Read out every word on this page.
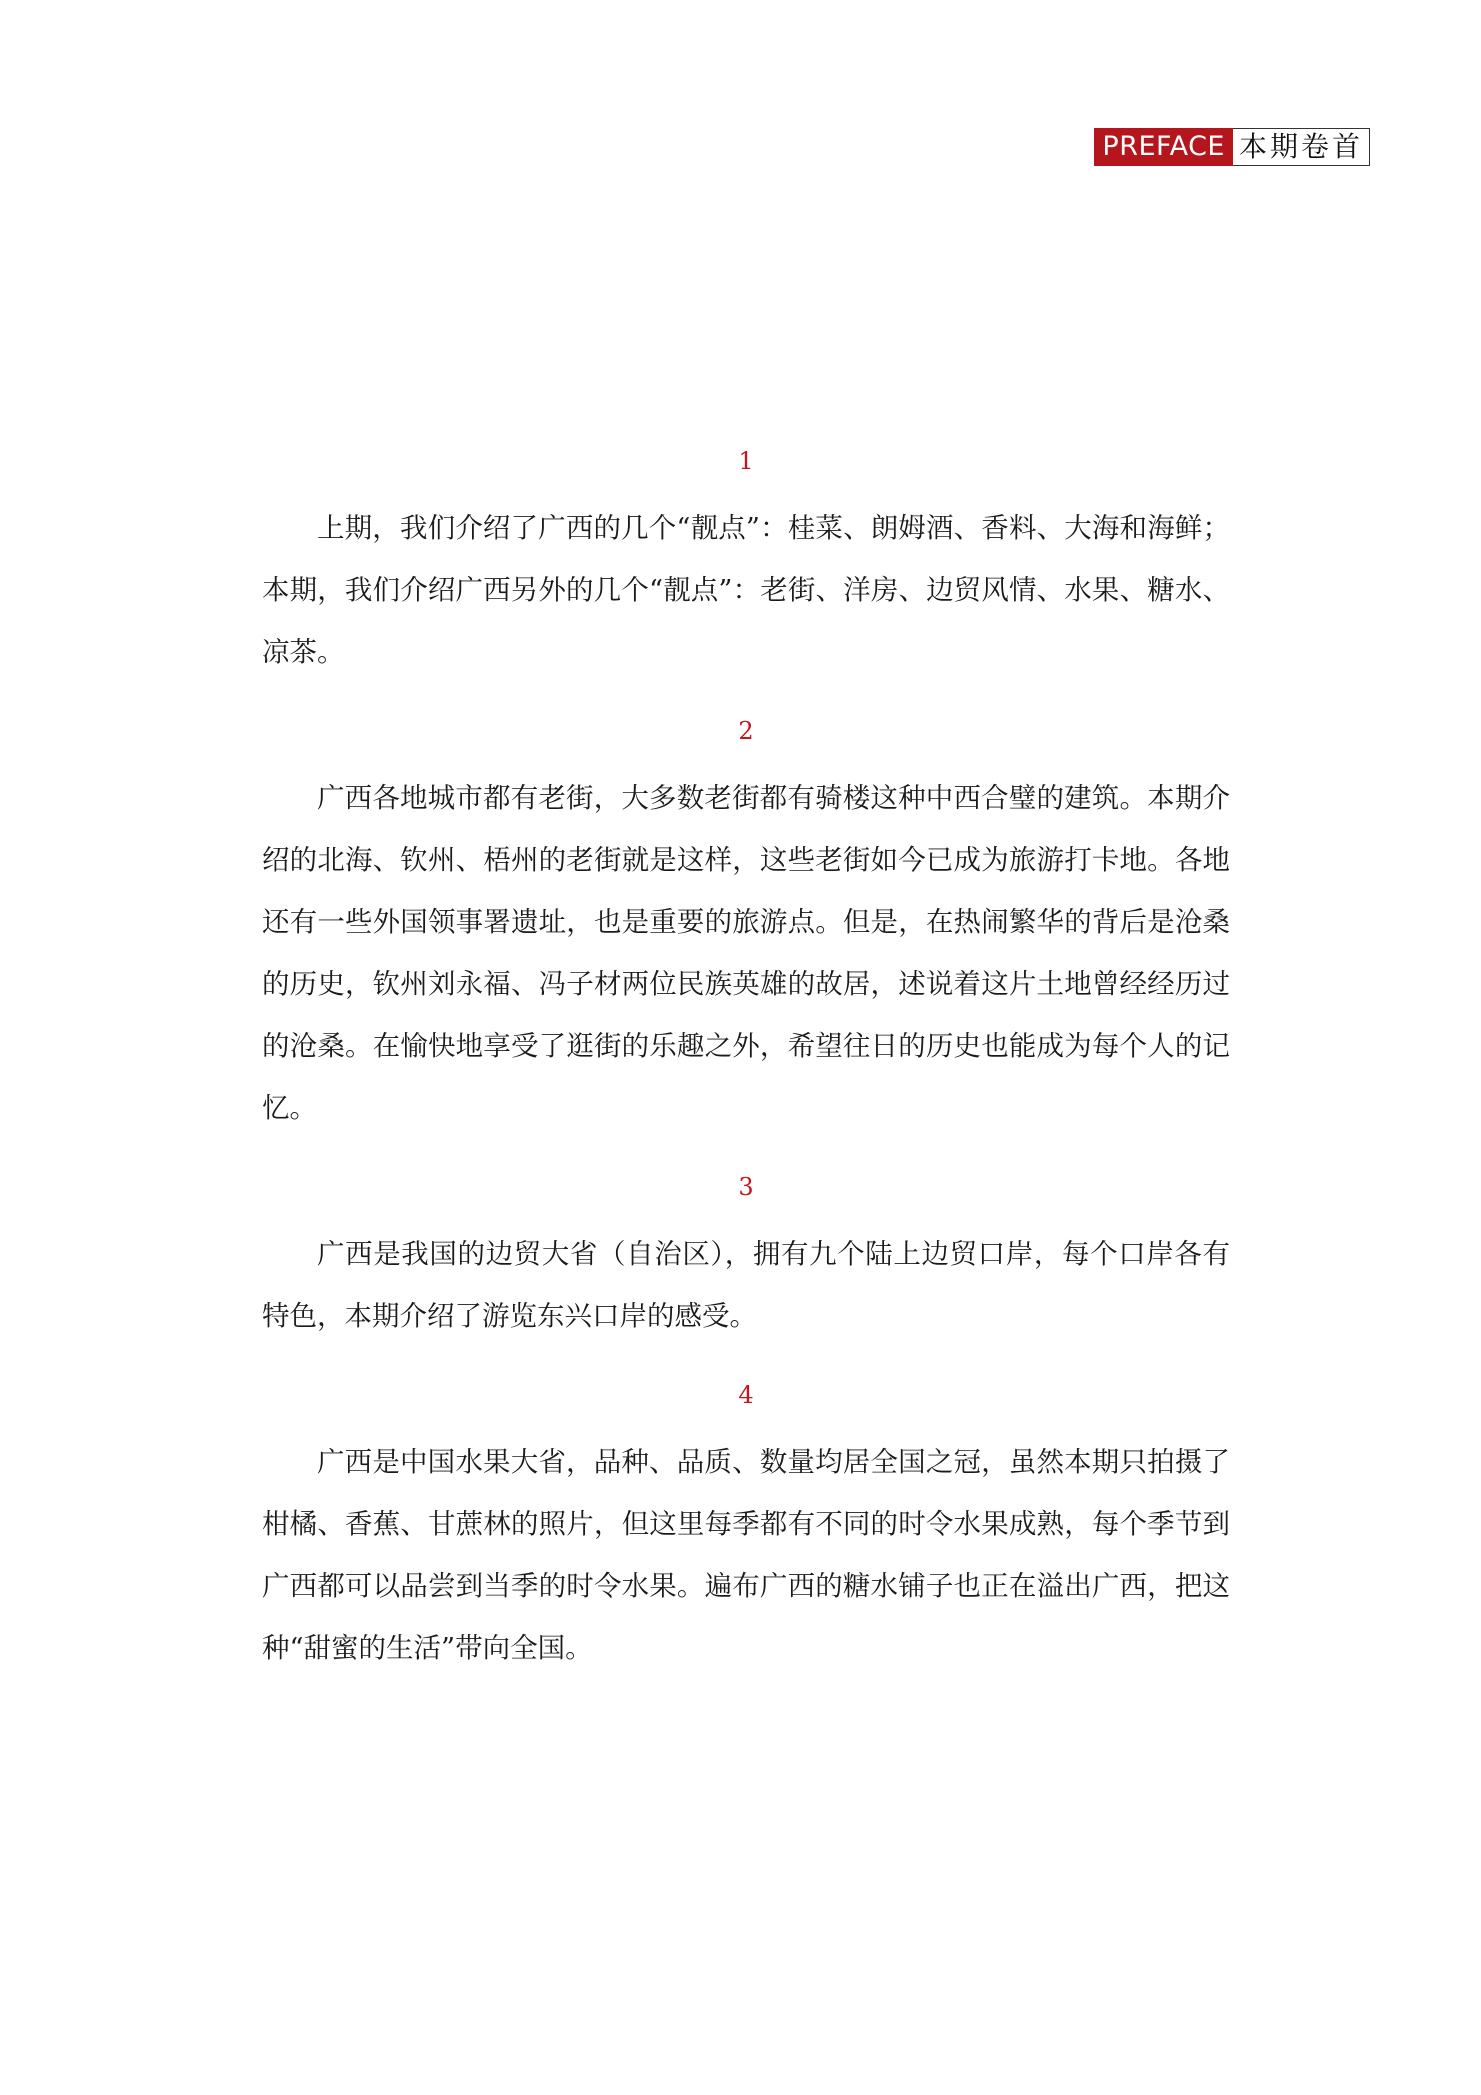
PREFACE 本期卷首
1

上期，我们介绍了广西的几个“靓点”：桂菜、朗姆酒、香料、大海和海鲜；本期，我们介绍广西另外的几个“靓点”：老街、洋房、边贸风情、水果、糖水、凉茶。

2

广西各地城市都有老街，大多数老街都有骑楼这种中西合璧的建筑。本期介绍的北海、钦州、梧州的老街就是这样，这些老街如今已成为旅游打卡地。各地还有一些外国领事署遗址，也是重要的旅游点。但是，在热闹繁华的背后是沧桑的历史，钦州刘永福、冯子材两位民族英雄的故居，述说着这片土地曾经经历过的沧桑。在愉快地享受了逛街的乐趣之外，希望往日的历史也能成为每个人的记忆。

3

广西是我国的边贸大省（自治区），拥有九个陆上边贸口岸，每个口岸各有特色，本期介绍了游览东兴口岸的感受。

4

广西是中国水果大省，品种、品质、数量均居全国之冠，虽然本期只拍摄了柑橘、香蕉、甘蔗林的照片，但这里每季都有不同的时令水果成熟，每个季节到广西都可以品尝到当季的时令水果。遍布广西的糖水铺子也正在溢出广西，把这种“甜蜜的生活”带向全国。
